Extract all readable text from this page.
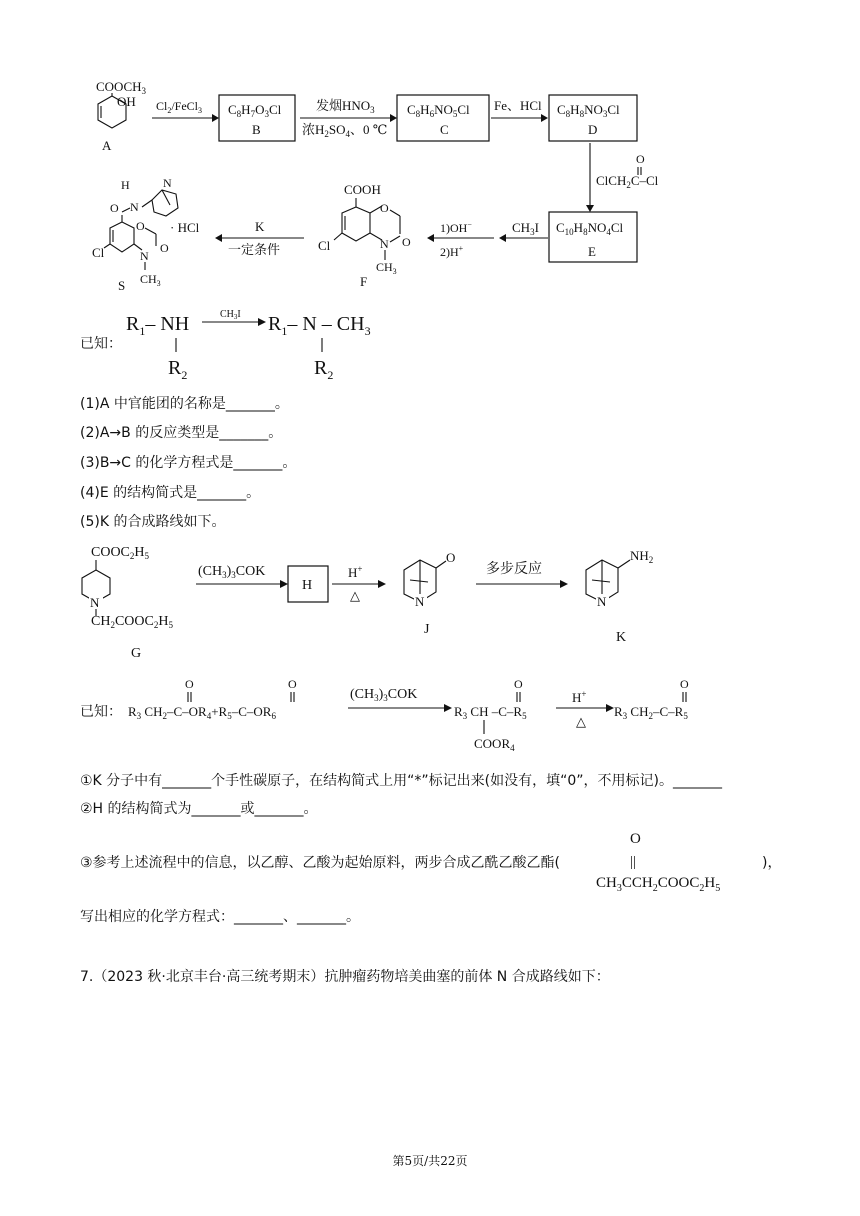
$COOCH_3$
OH
A
$Cl_2/FeCl_3$ $C_8H_7O_3Cl$
B
发烟$HNO_3$
浓$H_2SO_4$、0 ℃
$C_8H_6NO_5Cl$
C
Fe、HCl $C_8H_8NO_3Cl$
D
O
ClCH$_2$C–Cl
$C_{10}H_8NO_4Cl$
E
$CH_3I$
1)OH−
2)H+
COOH
O
O
N
$CH_3$
Cl
F
K
一定条件
H
N
N
O
O
O
N
$CH_3$
Cl
· HCl
S
已知：
$R_1-$ NH	$CH_3I$ $R_1-$ N – $CH_3$
$R_2$	$R_2$
$COOC_2H_5$
N
$CH_2COOC_2H_5$
G
$(CH_3)_3COK$
H
H+
△
O
N
J
多步反应
$NH_2$
N
K
已知：
O	O
$R_3$ $CH_2-C-OR_4+R_5-C-OR_6$
$(CH_3)_3COK$
O
$R_3$ CH $-C-R_5$
$COOR_4$
H+
△
O
$R_3$ $CH_2-C-R_5$
O
||
$CH_3CCH_2COOC_2H_5$
(1)A 中官能团的名称是_______。
(2)A→B 的反应类型是_______。
(3)B→C 的化学方程式是_______。
(4)E 的结构简式是_______。
(5)K 的合成路线如下。
①K 分子中有_______个手性碳原子，在结构简式上用“*”标记出来(如没有，填“0”，不用标记)。_______
②H 的结构简式为_______或_______。
③参考上述流程中的信息，以乙醇、乙酸为起始原料，两步合成乙酰乙酸乙酯(	)，
写出相应的化学方程式：_______、_______。
7.（2023 秋·北京丰台·高三统考期末）抗肿瘤药物培美曲塞的前体 N 合成路线如下：
第5页/共22页
